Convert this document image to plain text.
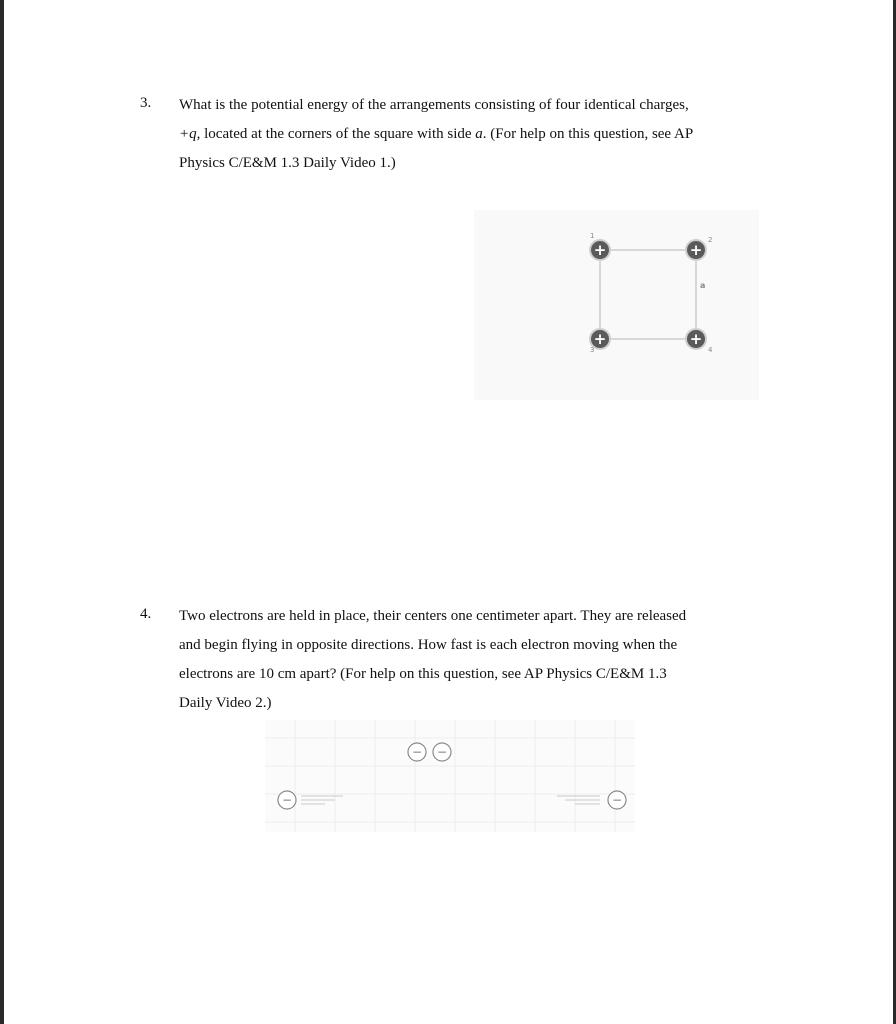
3. What is the potential energy of the arrangements consisting of four identical charges,
+q, located at the corners of the square with side a. (For help on this question, see AP
Physics C/E&M 1.3 Daily Video 1.)
+	+
+	+
1	2
3	4
a
4. Two electrons are held in place, their centers one centimeter apart. They are released
and begin flying in opposite directions. How fast is each electron moving when the
electrons are 10 cm apart? (For help on this question, see AP Physics C/E&M 1.3
Daily Video 2.)
− −
−	−
